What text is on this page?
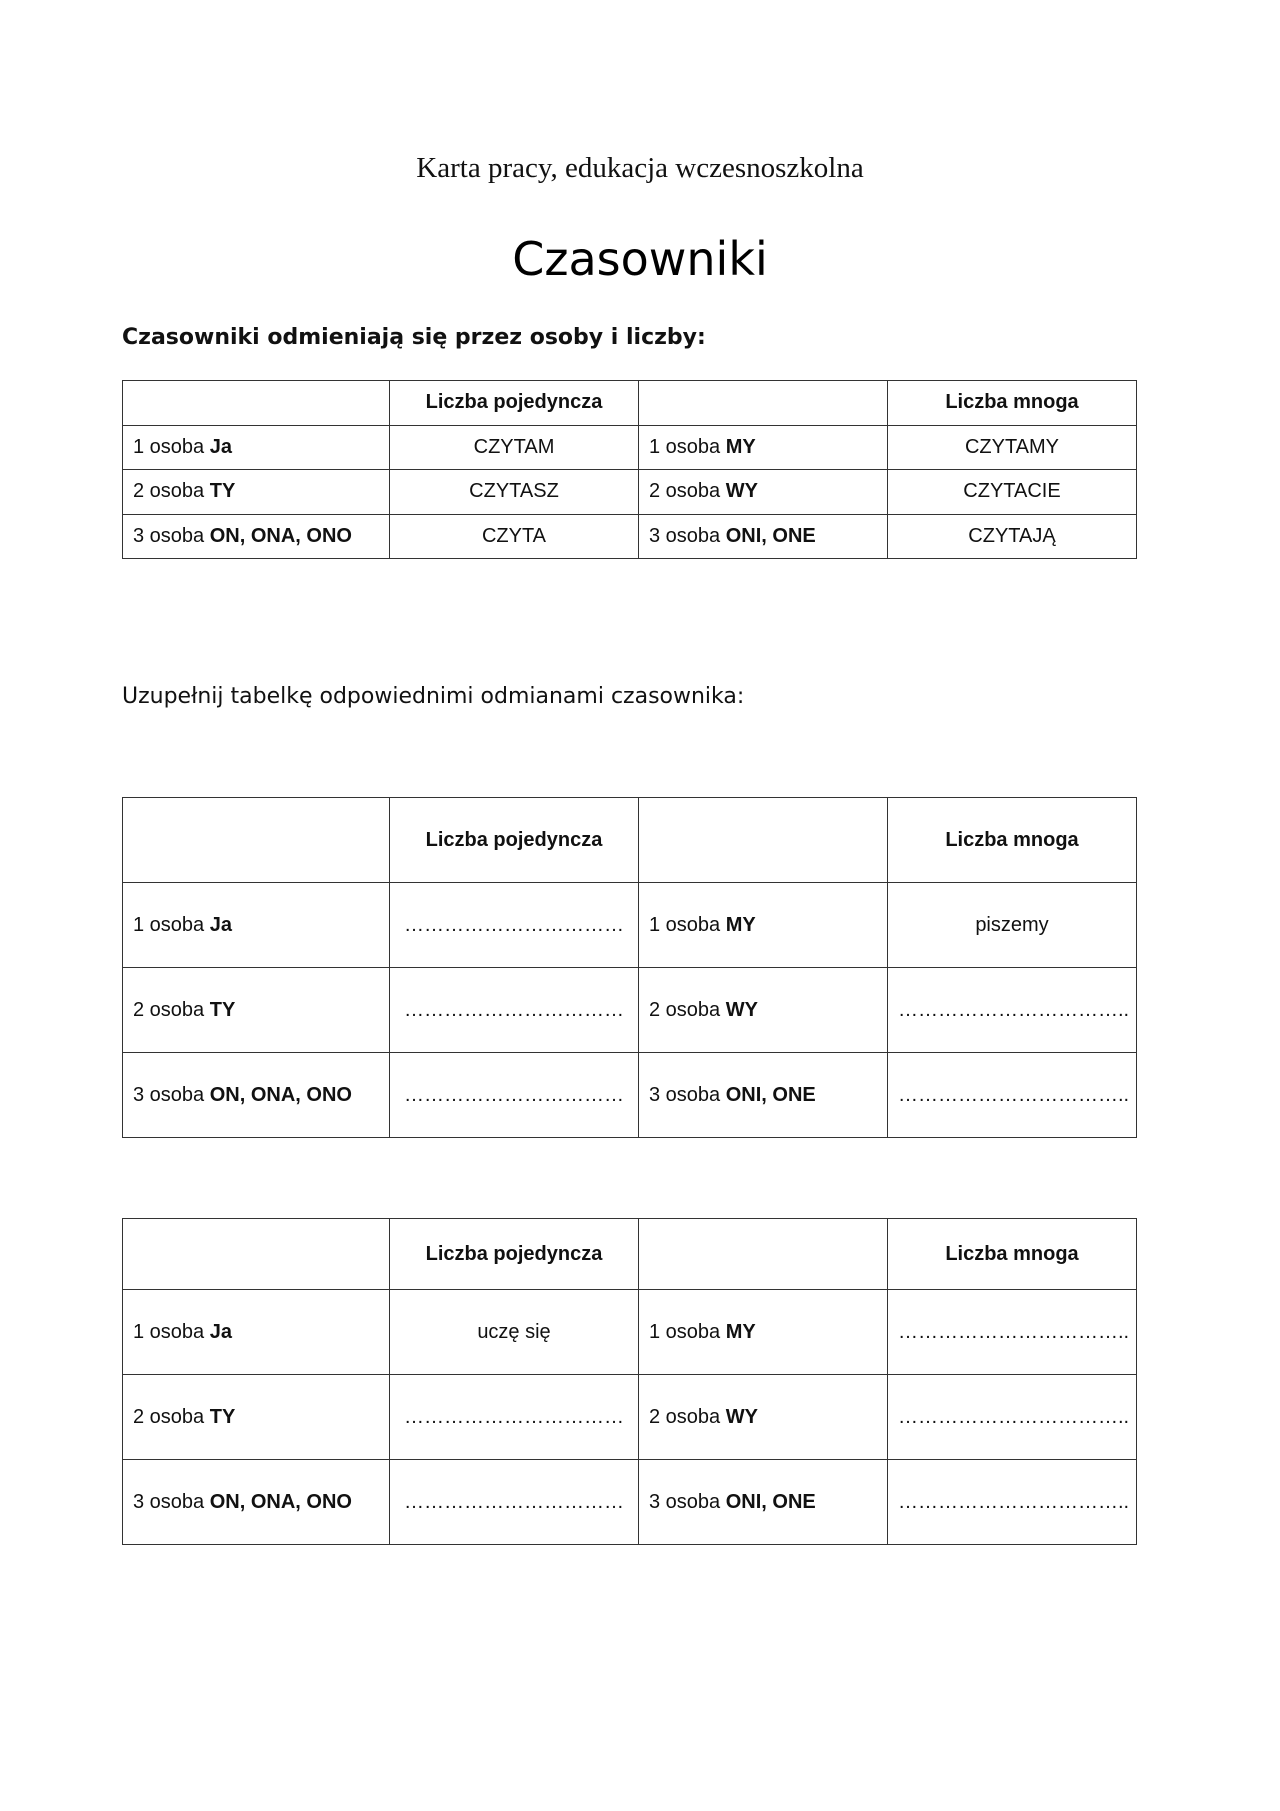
Karta pracy, edukacja wczesnoszkolna
Czasowniki
Czasowniki odmieniają się przez osoby i liczby:
	Liczba pojedyncza		Liczba mnoga
1 osoba Ja	CZYTAM	1 osoba MY	CZYTAMY
2 osoba TY	CZYTASZ	2 osoba WY	CZYTACIE
3 osoba ON, ONA, ONO	CZYTA	3 osoba ONI, ONE	CZYTAJĄ
Uzupełnij tabelkę odpowiednimi odmianami czasownika:
	Liczba pojedyncza		Liczba mnoga
1 osoba Ja	……………………………	1 osoba MY	piszemy
2 osoba TY	……………………………	2 osoba WY	……………………………..
3 osoba ON, ONA, ONO	……………………………	3 osoba ONI, ONE	……………………………..
	Liczba pojedyncza		Liczba mnoga
1 osoba Ja	uczę się	1 osoba MY	……………………………..
2 osoba TY	……………………………	2 osoba WY	……………………………..
3 osoba ON, ONA, ONO	……………………………	3 osoba ONI, ONE	……………………………..
